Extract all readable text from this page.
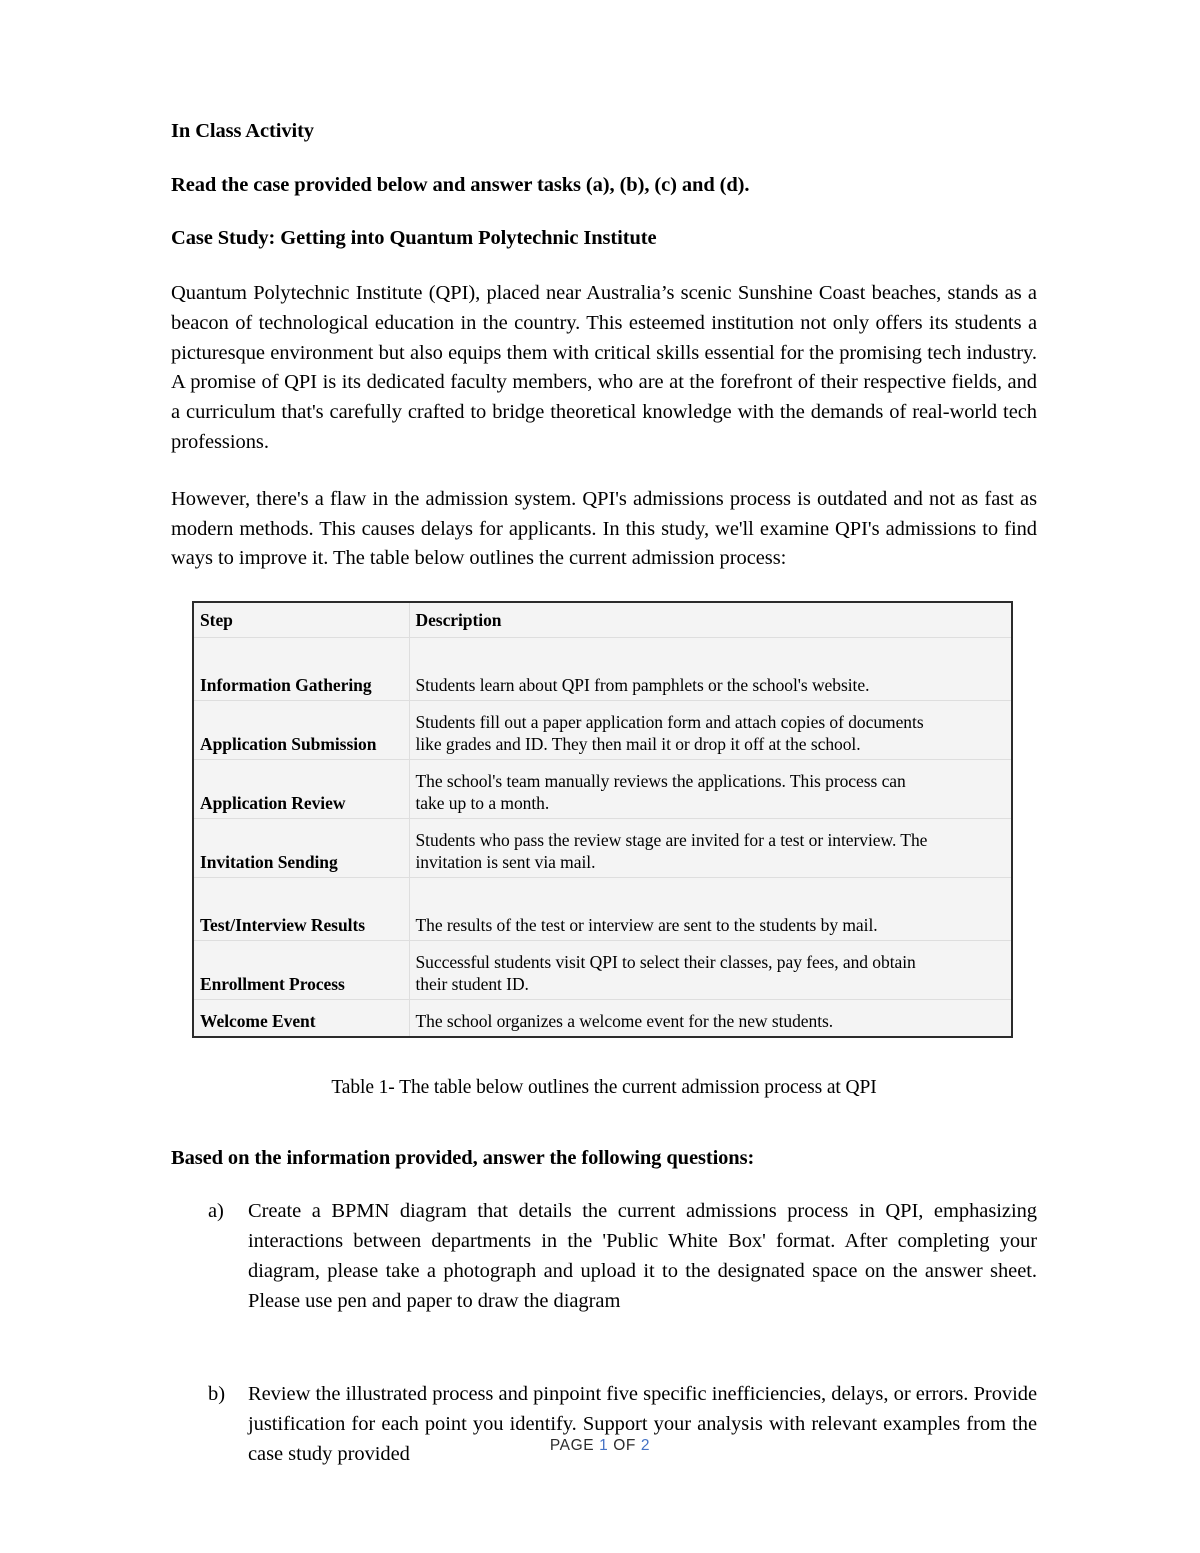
In Class Activity
Read the case provided below and answer tasks (a), (b), (c) and (d).
Case Study: Getting into Quantum Polytechnic Institute

Quantum Polytechnic Institute (QPI), placed near Australia’s scenic Sunshine Coast beaches, stands as a beacon of technological education in the country. This esteemed institution not only offers its students a picturesque environment but also equips them with critical skills essential for the promising tech industry. A promise of QPI is its dedicated faculty members, who are at the forefront of their respective fields, and a curriculum that's carefully crafted to bridge theoretical knowledge with the demands of real-world tech professions.

However, there's a flaw in the admission system. QPI's admissions process is outdated and not as fast as modern methods. This causes delays for applicants. In this study, we'll examine QPI's admissions to find ways to improve it. The table below outlines the current admission process:

Step	Description
Information Gathering	Students learn about QPI from pamphlets or the school's website.

Application Submission	Students fill out a paper application form and attach copies of documents
like grades and ID. They then mail it or drop it off at the school.

Application Review	The school's team manually reviews the applications. This process can
take up to a month.

Invitation Sending	Students who pass the review stage are invited for a test or interview. The
invitation is sent via mail.

Test/Interview Results	The results of the test or interview are sent to the students by mail.

Enrollment Process	Successful students visit QPI to select their classes, pay fees, and obtain
their student ID.

Welcome Event	The school organizes a welcome event for the new students.
Table 1- The table below outlines the current admission process at QPI
Based on the information provided, answer the following questions:
a)	Create a BPMN diagram that details the current admissions process in QPI, emphasizing interactions between departments in the 'Public White Box' format. After completing your diagram, please take a photograph and upload it to the designated space on the answer sheet. Please use pen and paper to draw the diagram
b)	Review the illustrated process and pinpoint five specific inefficiencies, delays, or errors. Provide justification for each point you identify. Support your analysis with relevant examples from the case study provided	PAGE 1 OF 2
